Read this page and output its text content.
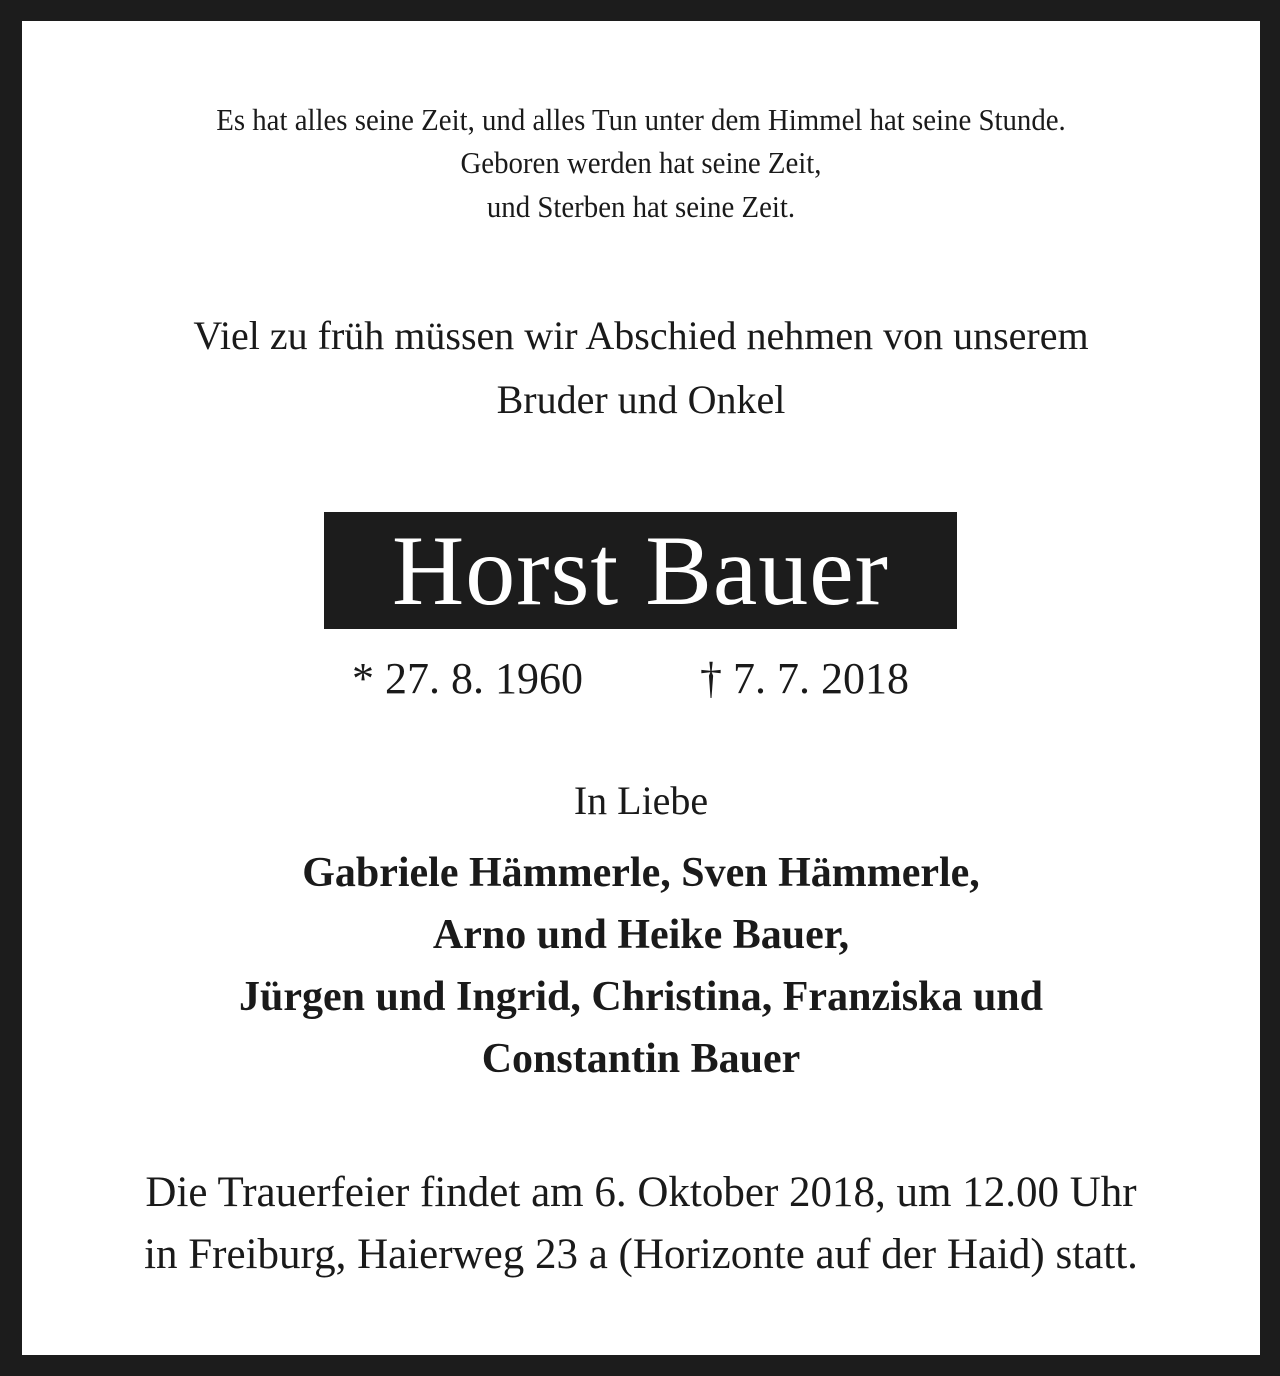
Es hat alles seine Zeit, und alles Tun unter dem Himmel hat seine Stunde.
Geboren werden hat seine Zeit,
und Sterben hat seine Zeit.
Viel zu früh müssen wir Abschied nehmen von unserem
Bruder und Onkel
Horst Bauer
* 27. 8. 1960	† 7. 7. 2018
In Liebe
Gabriele Hämmerle, Sven Hämmerle,
Arno und Heike Bauer,
Jürgen und Ingrid, Christina, Franziska und
Constantin Bauer
Die Trauerfeier findet am 6. Oktober 2018, um 12.00 Uhr
in Freiburg, Haierweg 23 a (Horizonte auf der Haid) statt.
